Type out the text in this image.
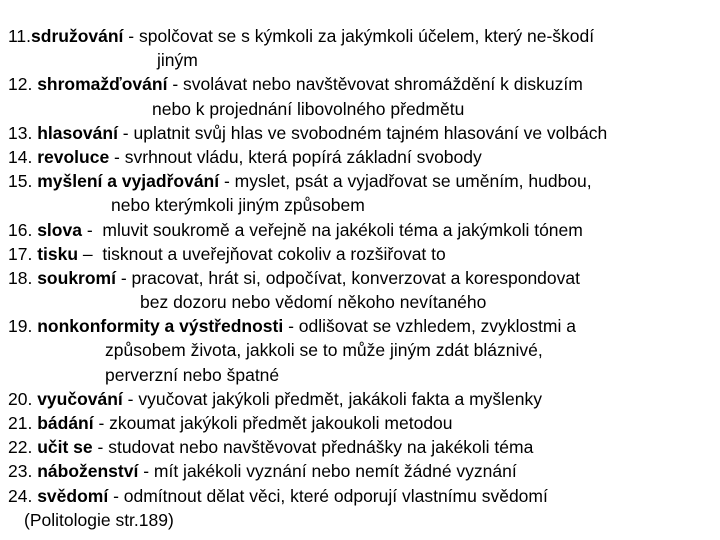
11.sdružování - spolčovat se s kýmkoli za jakýmkoli účelem, který ne-škodí
jiným
12. shromažďování - svolávat nebo navštěvovat shromáždění k diskuzím
nebo k projednání libovolného předmětu
13. hlasování - uplatnit svůj hlas ve svobodném tajném hlasování ve volbách
14. revoluce - svrhnout vládu, která popírá základní svobody
15. myšlení a vyjadřování - myslet, psát a vyjadřovat se uměním, hudbou,
nebo kterýmkoli jiným způsobem
16. slova -  mluvit soukromě a veřejně na jakékoli téma a jakýmkoli tónem
17. tisku –  tisknout a uveřejňovat cokoliv a rozšiřovat to
18. soukromí - pracovat, hrát si, odpočívat, konverzovat a korespondovat
bez dozoru nebo vědomí někoho nevítaného
19. nonkonformity a výstřednosti - odlišovat se vzhledem, zvyklostmi a
způsobem života, jakkoli se to může jiným zdát bláznivé,
perverzní nebo špatné
20. vyučování - vyučovat jakýkoli předmět, jakákoli fakta a myšlenky
21. bádání - zkoumat jakýkoli předmět jakoukoli metodou
22. učit se - studovat nebo navštěvovat přednášky na jakékoli téma
23. náboženství - mít jakékoli vyznání nebo nemít žádné vyznání
24. svědomí - odmítnout dělat věci, které odporují vlastnímu svědomí
(Politologie str.189)
